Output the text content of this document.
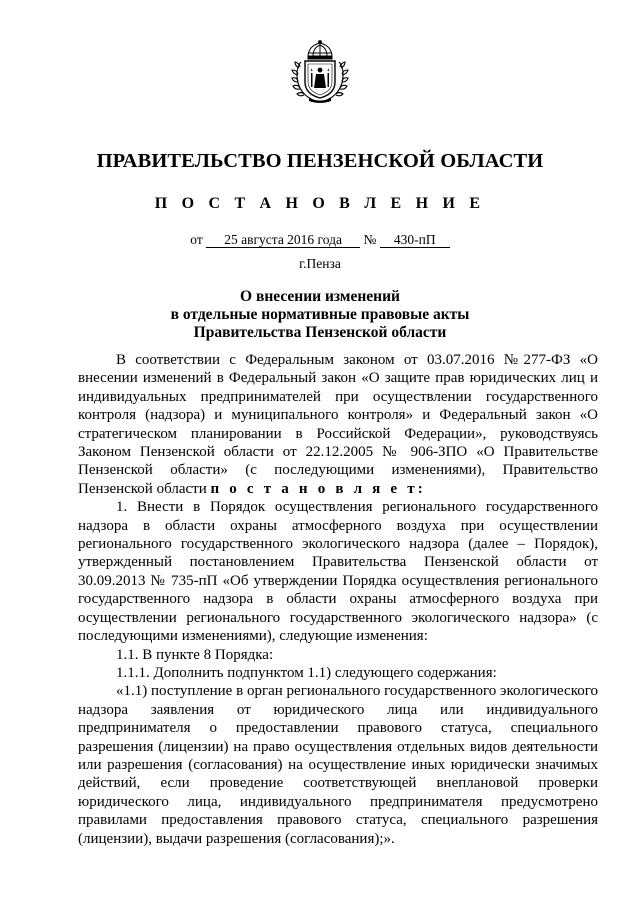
ПРАВИТЕЛЬСТВО ПЕНЗЕНСКОЙ ОБЛАСТИ
П О С Т А Н О В Л Е Н И Е
от 25 августа 2016 года № 430-пП
г.Пенза
О внесении изменений
в отдельные нормативные правовые акты
Правительства Пензенской области

В соответствии с Федеральным законом от 03.07.2016 №277-ФЗ «О внесении изменений в Федеральный закон «О защите прав юридических лиц и индивидуальных предпринимателей при осуществлении государственного контроля (надзора) и муниципального контроля» и Федеральный закон «О стратегическом планировании в Российской Федерации», руководствуясь Законом Пензенской области от 22.12.2005 № 906-ЗПО «О Правительстве Пензенской области» (с последующими изменениями), Правительство Пензенской области п о с т а н о в л я е т:

1. Внести в Порядок осуществления регионального государственного надзора в области охраны атмосферного воздуха при осуществлении регионального государственного экологического надзора (далее – Порядок), утвержденный постановлением Правительства Пензенской области от 30.09.2013 № 735-пП «Об утверждении Порядка осуществления регионального государственного надзора в области охраны атмосферного воздуха при осуществлении регионального государственного экологического надзора» (с последующими изменениями), следующие изменения:

1.1. В пункте 8 Порядка:

1.1.1. Дополнить подпунктом 1.1) следующего содержания:

«1.1) поступление в орган регионального государственного экологического надзора заявления от юридического лица или индивидуального предпринимателя о предоставлении правового статуса, специального разрешения (лицензии) на право осуществления отдельных видов деятельности или разрешения (согласования) на осуществление иных юридически значимых действий, если проведение соответствующей внеплановой проверки юридического лица, индивидуального предпринимателя предусмотрено правилами предоставления правового статуса, специального разрешения (лицензии), выдачи разрешения (согласования);».
